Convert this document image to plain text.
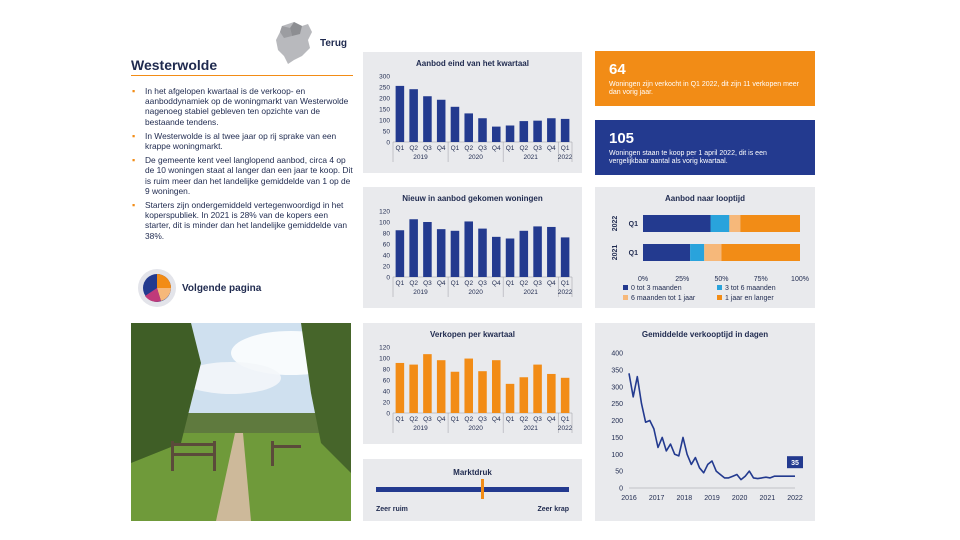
Terug
Westerwolde
▪ In het afgelopen kwartaal is de verkoop- en aanboddynamiek op de woningmarkt van Westerwolde nagenoeg stabiel gebleven ten opzichte van de bestaande tendens.
▪ In Westerwolde is al twee jaar op rij sprake van een krappe woningmarkt.
▪ De gemeente kent veel langlopend aanbod, circa 4 op de 10 woningen staat al langer dan een jaar te koop. Dit is ruim meer dan het landelijke gemiddelde van 1 op de 9 woningen.
▪ Starters zijn ondergemiddeld vertegenwoordigd in het koperspubliek. In 2021 is 28% van de kopers een starter, dit is minder dan het landelijke gemiddelde van 38%.
Volgende pagina
Aanbod eind van het kwartaal
0
50
100
150
200
250
300
Q1 Q2 Q3 Q4 Q1 Q2 Q3 Q4 Q1 Q2 Q3 Q4 Q1
2019	2020	2021	2022
Nieuw in aanbod gekomen woningen
0
20
40
60
80
100
120
Q1 Q2 Q3 Q4 Q1 Q2 Q3 Q4 Q1 Q2 Q3 Q4 Q1
2019	2020	2021	2022
Verkopen per kwartaal
0
20
40
60
80
100
120
Q1 Q2 Q3 Q4 Q1 Q2 Q3 Q4 Q1 Q2 Q3 Q4 Q1
2019	2020	2021	2022
Marktdruk
Zeer ruim	Zeer krap
64
Woningen zijn verkocht in Q1 2022, dit zijn 11 verkopen meer dan vorig jaar.
105
Woningen staan te koop per 1 april 2022, dit is een vergelijkbaar aantal als vorig kwartaal.
Aanbod naar looptijd
Q1
2022
Q1
2021
0%	25%	50%	75%	100%
0 tot 3 maanden	3 tot 6 maanden
6 maanden tot 1 jaar	1 jaar en langer
Gemiddelde verkooptijd in dagen
0
50
100
150
200
250
300
350
400
2016 2017 2018 2019 2020 2021 2022
35
